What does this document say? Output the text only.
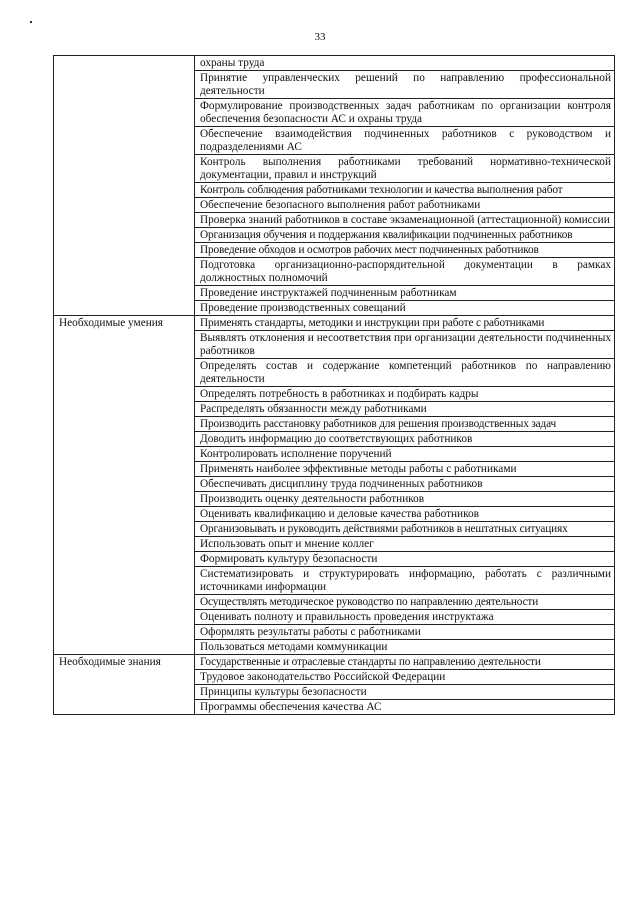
33
	охраны труда
	Принятие управленческих решений по направлению профессиональной деятельности
	Формулирование производственных задач работникам по организации контроля обеспечения безопасности АС и охраны труда
	Обеспечение взаимодействия подчиненных работников с руководством и подразделениями АС
	Контроль выполнения работниками требований нормативно-технической документации, правил и инструкций
	Контроль соблюдения работниками технологии и качества выполнения работ
	Обеспечение безопасного выполнения работ работниками
	Проверка знаний работников в составе экзаменационной (аттестационной) комиссии
	Организация обучения и поддержания квалификации подчиненных работников
	Проведение обходов и осмотров рабочих мест подчиненных работников
	Подготовка организационно-распорядительной документации в рамках должностных полномочий
	Проведение инструктажей подчиненным работникам
	Проведение производственных совещаний
Необходимые умения	Применять стандарты, методики и инструкции при работе с работниками
	Выявлять отклонения и несоответствия при организации деятельности подчиненных работников
	Определять состав и содержание компетенций работников по направлению деятельности
	Определять потребность в работниках и подбирать кадры
	Распределять обязанности между работниками
	Производить расстановку работников для решения производственных задач
	Доводить информацию до соответствующих работников
	Контролировать исполнение поручений
	Применять наиболее эффективные методы работы с работниками
	Обеспечивать дисциплину труда подчиненных работников
	Производить оценку деятельности работников
	Оценивать квалификацию и деловые качества работников
	Организовывать и руководить действиями работников в нештатных ситуациях
	Использовать опыт и мнение коллег
	Формировать культуру безопасности
	Систематизировать и структурировать информацию, работать с различными источниками информации
	Осуществлять методическое руководство по направлению деятельности
	Оценивать полноту и правильность проведения инструктажа
	Оформлять результаты работы с работниками
	Пользоваться методами коммуникации
Необходимые знания	Государственные и отраслевые стандарты по направлению деятельности
	Трудовое законодательство Российской Федерации
	Принципы культуры безопасности
	Программы обеспечения качества АС
